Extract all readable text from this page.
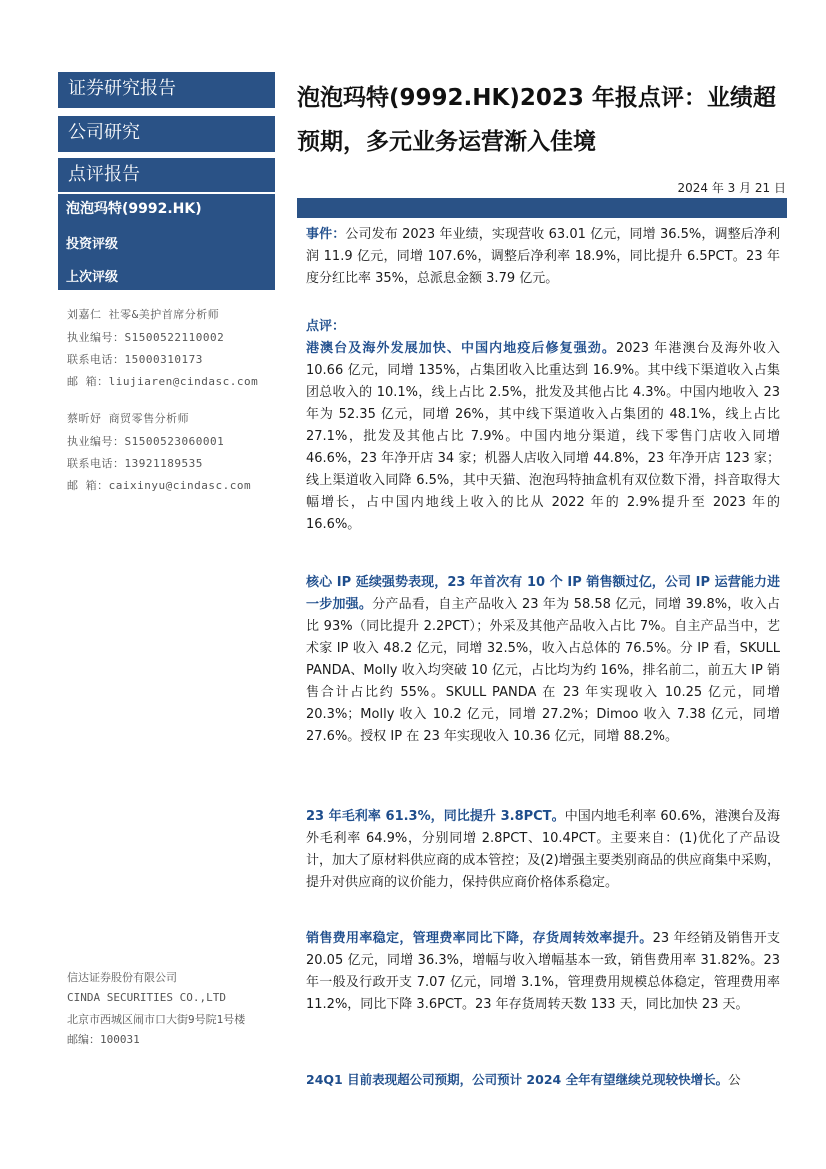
证券研究报告
公司研究
点评报告
泡泡玛特(9992.HK)
投资评级
上次评级
刘嘉仁 社零&美护首席分析师
执业编号：S1500522110002
联系电话：15000310173
邮 箱：liujiaren@cindasc.com
蔡昕妤 商贸零售分析师
执业编号：S1500523060001
联系电话：13921189535
邮 箱：caixinyu@cindasc.com
信达证券股份有限公司
CINDA SECURITIES CO.,LTD
北京市西城区闹市口大街9号院1号楼
邮编：100031
泡泡玛特(9992.HK)2023 年报点评：业绩超预期，多元业务运营渐入佳境
2024 年 3 月 21 日
事件：公司发布 2023 年业绩，实现营收 63.01 亿元，同增 36.5%，调整后净利润 11.9 亿元，同增 107.6%，调整后净利率 18.9%，同比提升 6.5PCT。23 年度分红比率 35%，总派息金额 3.79 亿元。
点评：
港澳台及海外发展加快、中国内地疫后修复强劲。2023 年港澳台及海外收入 10.66 亿元，同增 135%，占集团收入比重达到 16.9%。其中线下渠道收入占集团总收入的 10.1%，线上占比 2.5%，批发及其他占比 4.3%。中国内地收入 23 年为 52.35 亿元，同增 26%，其中线下渠道收入占集团的 48.1%，线上占比 27.1%，批发及其他占比 7.9%。中国内地分渠道，线下零售门店收入同增 46.6%，23 年净开店 34 家；机器人店收入同增 44.8%，23 年净开店 123 家；线上渠道收入同降 6.5%，其中天猫、泡泡玛特抽盒机有双位数下滑，抖音取得大幅增长，占中国内地线上收入的比从 2022 年的 2.9%提升至 2023 年的 16.6%。
核心 IP 延续强势表现，23 年首次有 10 个 IP 销售额过亿，公司 IP 运营能力进一步加强。分产品看，自主产品收入 23 年为 58.58 亿元，同增 39.8%，收入占比 93%（同比提升 2.2PCT）；外采及其他产品收入占比 7%。自主产品当中，艺术家 IP 收入 48.2 亿元，同增 32.5%，收入占总体的 76.5%。分 IP 看，SKULL PANDA、Molly 收入均突破 10 亿元，占比均为约 16%，排名前二，前五大 IP 销售合计占比约 55%。SKULL PANDA 在 23 年实现收入 10.25 亿元，同增 20.3%；Molly 收入 10.2 亿元，同增 27.2%；Dimoo 收入 7.38 亿元，同增 27.6%。授权 IP 在 23 年实现收入 10.36 亿元，同增 88.2%。
23 年毛利率 61.3%，同比提升 3.8PCT。中国内地毛利率 60.6%，港澳台及海外毛利率 64.9%，分别同增 2.8PCT、10.4PCT。主要来自：(1)优化了产品设计，加大了原材料供应商的成本管控；及(2)增强主要类别商品的供应商集中采购，提升对供应商的议价能力，保持供应商价格体系稳定。
销售费用率稳定，管理费率同比下降，存货周转效率提升。23 年经销及销售开支 20.05 亿元，同增 36.3%，增幅与收入增幅基本一致，销售费用率 31.82%。23 年一般及行政开支 7.07 亿元，同增 3.1%，管理费用规模总体稳定，管理费用率 11.2%，同比下降 3.6PCT。23 年存货周转天数 133 天，同比加快 23 天。
24Q1 目前表现超公司预期，公司预计 2024 全年有望继续兑现较快增长。公
